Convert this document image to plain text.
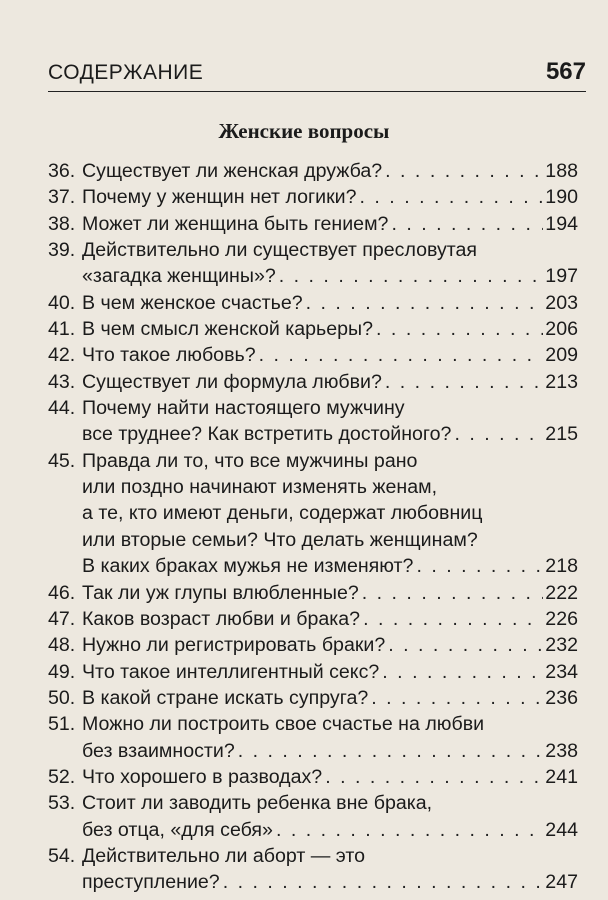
СОДЕРЖАНИЕ	567
Женские вопросы
36. Существует ли женская дружба? . . .	188
37. Почему у женщин нет логики? . . .	190
38. Может ли женщина быть гением? . . .	194
39. Действительно ли существует пресловутая
«загадка женщины»? . . .	197
40. В чем женское счастье? . . .	203
41. В чем смысл женской карьеры? . . .	206
42. Что такое любовь? . . .	209
43. Существует ли формула любви? . . .	213
44. Почему найти настоящего мужчину
все труднее? Как встретить достойного? . . .	215
45. Правда ли то, что все мужчины рано
или поздно начинают изменять женам,
а те, кто имеют деньги, содержат любовниц
или вторые семьи? Что делать женщинам?
В каких браках мужья не изменяют? . . .	218
46. Так ли уж глупы влюбленные? . . .	222
47. Каков возраст любви и брака? . . .	226
48. Нужно ли регистрировать браки? . . .	232
49. Что такое интеллигентный секс? . . .	234
50. В какой стране искать супруга? . . .	236
51. Можно ли построить свое счастье на любви
без взаимности? . . .	238
52. Что хорошего в разводах? . . .	241
53. Стоит ли заводить ребенка вне брака,
без отца, «для себя» . . .	244
54. Действительно ли аборт — это
преступление? . . .	247
